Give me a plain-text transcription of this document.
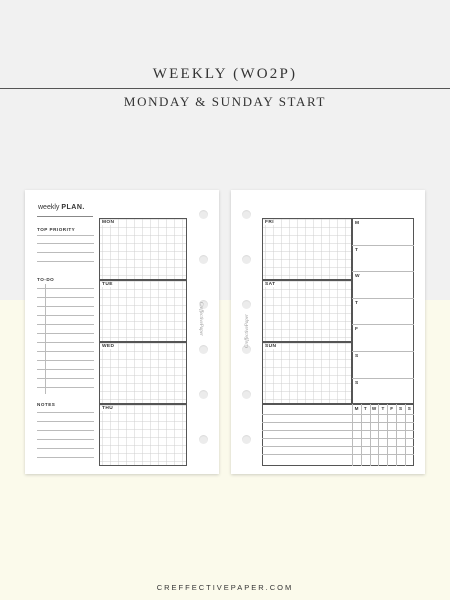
WEEKLY (WO2P)
MONDAY & SUNDAY START
weekly PLAN.
TOP PRIORITY
TO-DO
NOTES
MON
TUE
WED
THU
CreffectivePaper	CreffectivePaper
FRI
SAT
SUN
M
T
W
T
F
S
S
M	T	W	T	F	S	S
CREFFECTIVEPAPER.COM
